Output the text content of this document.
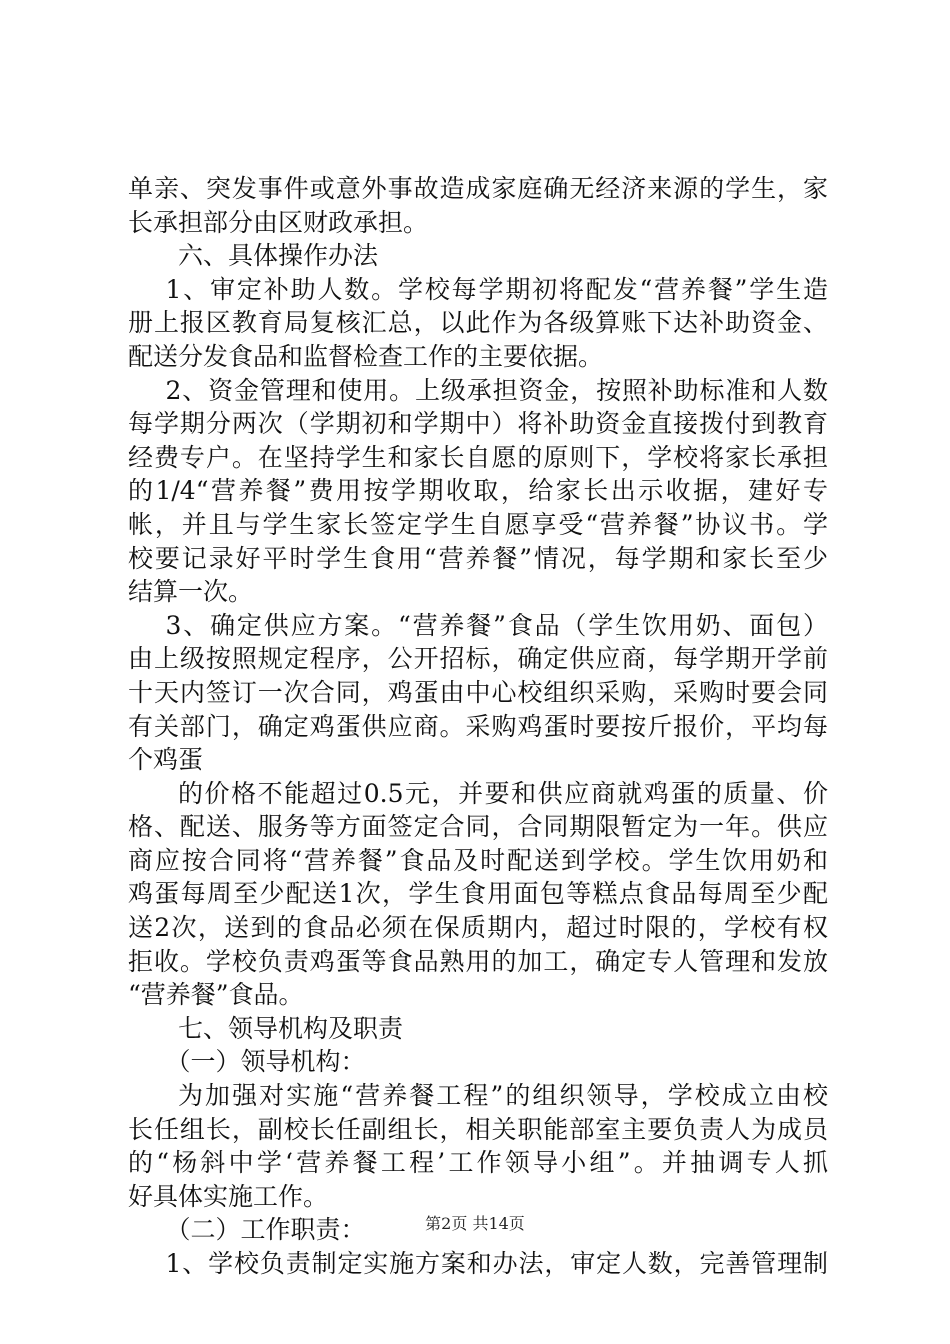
单亲、突发事件或意外事故造成家庭确无经济来源的学生，家
长承担部分由区财政承担。
六、具体操作办法
1、审定补助人数。学校每学期初将配发“营养餐”学生造
册上报区教育局复核汇总，以此作为各级算账下达补助资金、
配送分发食品和监督检查工作的主要依据。
2、资金管理和使用。上级承担资金，按照补助标准和人数
每学期分两次（学期初和学期中）将补助资金直接拨付到教育
经费专户。在坚持学生和家长自愿的原则下，学校将家长承担
的1/4“营养餐”费用按学期收取，给家长出示收据，建好专
帐，并且与学生家长签定学生自愿享受“营养餐”协议书。学
校要记录好平时学生食用“营养餐”情况，每学期和家长至少
结算一次。
3、确定供应方案。“营养餐”食品（学生饮用奶、面包）
由上级按照规定程序，公开招标，确定供应商，每学期开学前
十天内签订一次合同，鸡蛋由中心校组织采购，采购时要会同
有关部门，确定鸡蛋供应商。采购鸡蛋时要按斤报价，平均每
个鸡蛋
的价格不能超过0.5元，并要和供应商就鸡蛋的质量、价
格、配送、服务等方面签定合同，合同期限暂定为一年。供应
商应按合同将“营养餐”食品及时配送到学校。学生饮用奶和
鸡蛋每周至少配送1次，学生食用面包等糕点食品每周至少配
送2次，送到的食品必须在保质期内，超过时限的，学校有权
拒收。学校负责鸡蛋等食品熟用的加工，确定专人管理和发放
“营养餐”食品。
七、领导机构及职责
（一）领导机构：
为加强对实施“营养餐工程”的组织领导，学校成立由校
长任组长，副校长任副组长，相关职能部室主要负责人为成员
的“杨斜中学‘营养餐工程’工作领导小组”。并抽调专人抓
好具体实施工作。
（二）工作职责：
1、学校负责制定实施方案和办法，审定人数，完善管理制
第2页 共14页
